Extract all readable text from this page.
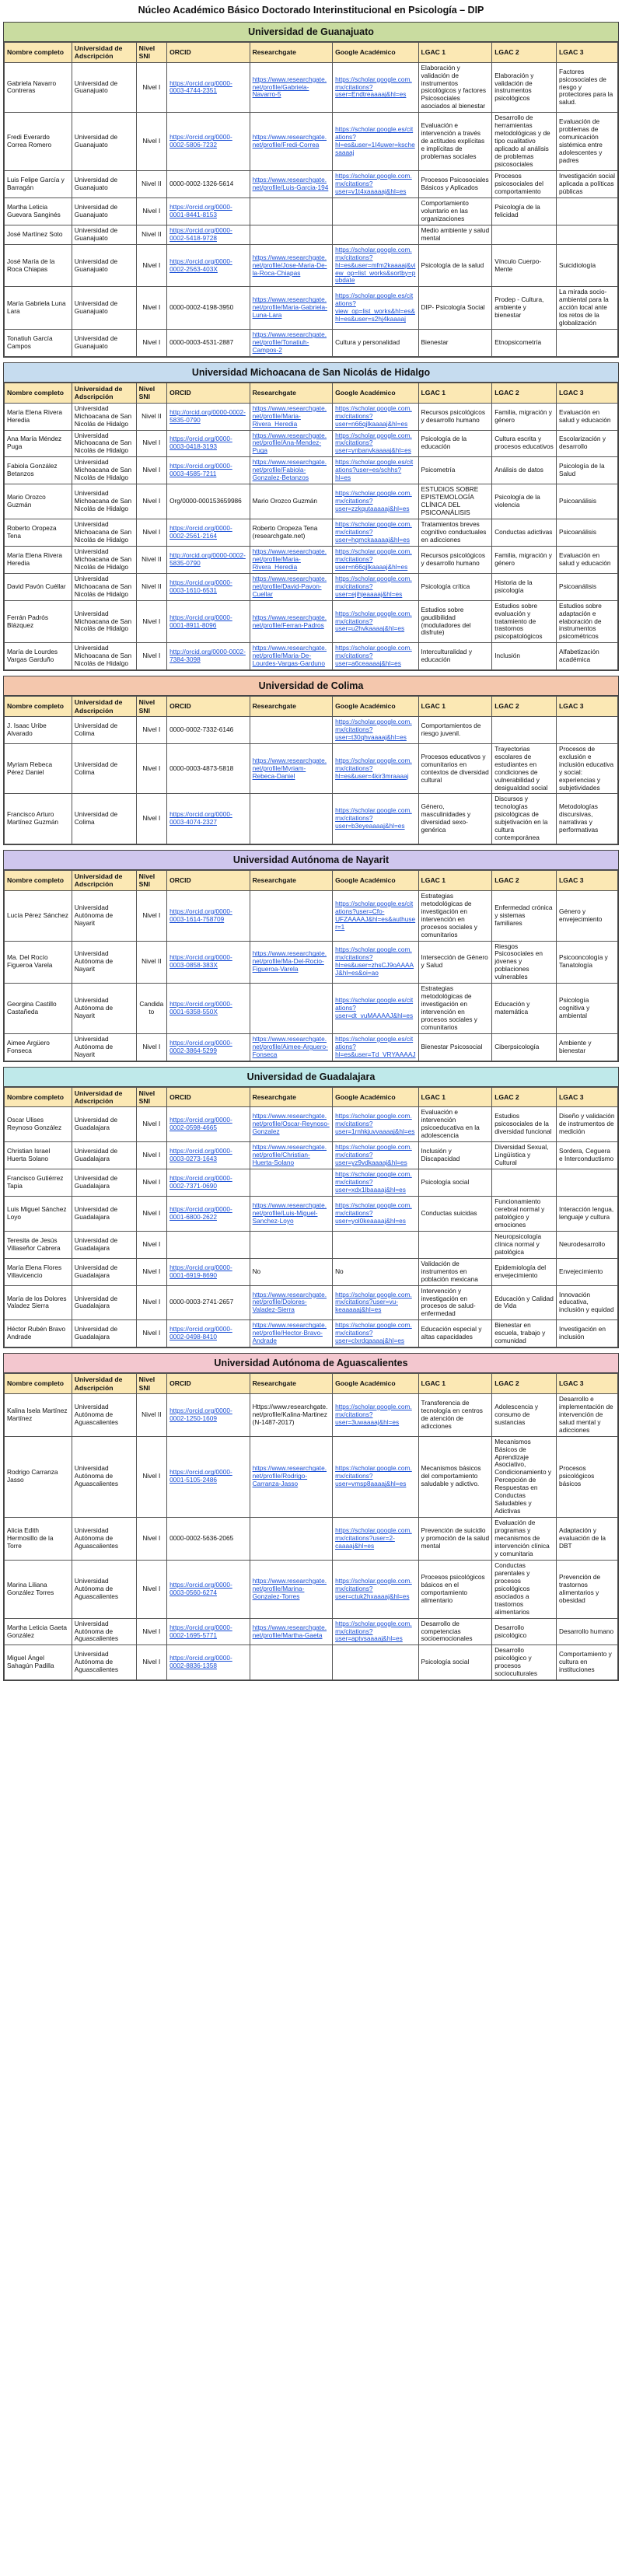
Núcleo Académico Básico Doctorado Interinstitucional en Psicología – DIP
Universidad de Guanajuato
Nombre completo	Universidad de Adscripción	Nivel SNI	ORCID	Researchgate	Google Académico	LGAC 1	LGAC 2	LGAC 3
Gabriela Navarro Contreras	Universidad de Guanajuato	Nivel I	https://orcid.org/0000-0003-4744-2351	https://www.researchgate.net/profile/Gabriela-Navarro-5	https://scholar.google.com.mx/citations?user=Endtreaaaaj&hl=es	Elaboración y validación de instrumentos psicológicos y factores Psicosociales asociados al bienestar	Elaboración y validación de instrumentos psicológicos	Factores psicosociales de riesgo y protectores para la salud.
Fredi Everardo Correa Romero	Universidad de Guanajuato	Nivel I	https://orcid.org/0000-0002-5806-7232	https://www.researchgate.net/profile/Fredi-Correa	https://scholar.google.es/citations?hl=es&user=1I4uwer=kschesaaaaj	Evaluación e intervención a través de actitudes explícitas e implícitas de problemas sociales	Desarrollo de herramientas metodológicas y de tipo cualitativo aplicado al análisis de problemas psicosociales	Evaluación de problemas de comunicación sistémica entre adolescentes y padres
Luis Felipe García y Barragán	Universidad de Guanajuato	Nivel II	0000-0002-1326-5614	https://www.researchgate.net/profile/Luis-Garcia-194	https://scholar.google.com.mx/citations?user=v1t4xaaaaaj&hl=es	Procesos Psicosociales Básicos y Aplicados	Procesos psicosociales del comportamiento	Investigación social aplicada a políticas públicas
Martha Leticia Guevara Sanginés	Universidad de Guanajuato	Nivel I	https://orcid.org/0000-0001-8441-8153			Comportamiento voluntario en las organizaciones	Psicología de la felicidad	
José Martínez Soto	Universidad de Guanajuato	Nivel II	https://orcid.org/0000-0002-5418-9728			Medio ambiente y salud mental		
José María de la Roca Chiapas	Universidad de Guanajuato	Nivel I	https://orcid.org/0000-0002-2563-403X	https://www.researchgate.net/profile/Jose-Maria-De-la-Roca-Chiapas	https://scholar.google.com.mx/citations?hl=es&user=mfm2kaaaaj&view_op=list_works&sortby=pubdate	Psicología de la salud	Vínculo Cuerpo-Mente	Suicidiología
María Gabriela Luna Lara	Universidad de Guanajuato	Nivel I	0000-0002-4198-3950	https://www.researchgate.net/profile/Maria-Gabriela-Luna-Lara	https://scholar.google.es/citations?view_op=list_works&hl=es&hl=es&user=s2hj4kaaaaj	DIP- Psicología Social	Prodep - Cultura, ambiente y bienestar	La mirada socio-ambiental para la acción local ante los retos de la globalización
Tonatiuh García Campos	Universidad de Guanajuato	Nivel I	0000-0003-4531-2887	https://www.researchgate.net/profile/Tonatiuh-Campos-2	Cultura y personalidad	Bienestar	Etnopsicometría	
Universidad Michoacana de San Nicolás de Hidalgo
Nombre completo	Universidad de Adscripción	Nivel SNI	ORCID	Researchgate	Google Académico	LGAC 1	LGAC 2	LGAC 3
María Elena Rivera Heredia	Universidad Michoacana de San Nicolás de Hidalgo	Nivel II	http://orcid.org/0000-0002-5835-0790	https://www.researchgate.net/profile/Maria-Rivera_Heredia	https://scholar.google.com.mx/citations?user=n66qjlkaaaaj&hl=es	Recursos psicológicos y desarrollo humano	Familia, migración y género	Evaluación en salud y educación
Ana María Méndez Puga	Universidad Michoacana de San Nicolás de Hidalgo	Nivel I	https://orcid.org/0000-0003-0418-3193	https://www.researchgate.net/profile/Ana-Mendez-Puga	https://scholar.google.com.mx/citations?user=ynbanvkaaaaj&hl=es	Psicología de la educación	Cultura escrita y procesos educativos	Escolarización y desarrollo
Fabiola González Betanzos	Universidad Michoacana de San Nicolás de Hidalgo	Nivel I	https://orcid.org/0000-0003-4585-7211	https://www.researchgate.net/profile/Fabiola-Gonzalez-Betanzos	https://scholar.google.es/citations?user=es/schhs?hl=es	Psicometría	Análisis de datos	Psicología de la Salud
Mario Orozco Guzmán	Universidad Michoacana de San Nicolás de Hidalgo	Nivel I	Org/0000-000153659986	Mario Orozco Guzmán	https://scholar.google.com.mx/citations?user=zzkqutaaaaaj&hl=es	ESTUDIOS SOBRE EPISTEMOLOGÍA CLÍNICA DEL PSICOANÁLISIS	Psicología de la violencia	Psicoanálisis
Roberto Oropeza Tena	Universidad Michoacana de San Nicolás de Hidalgo	Nivel I	https://orcid.org/0000-0002-2561-2164	Roberto Oropeza Tena (researchgate.net)	https://scholar.google.com.mx/citations?user=hqmckaaaaaj&hl=es	Tratamientos breves cognitivo conductuales en adicciones	Conductas adictivas	Psicoanálisis
María Elena Rivera Heredia	Universidad Michoacana de San Nicolás de Hidalgo	Nivel II	http://orcid.org/0000-0002-5835-0790	https://www.researchgate.net/profile/Maria-Rivera_Heredia	https://scholar.google.com.mx/citations?user=n66qjlkaaaaj&hl=es	Recursos psicológicos y desarrollo humano	Familia, migración y género	Evaluación en salud y educación
David Pavón Cuéllar	Universidad Michoacana de San Nicolás de Hidalgo	Nivel II	https://orcid.org/0000-0003-1610-6531	https://www.researchgate.net/profile/David-Pavon-Cuellar	https://scholar.google.com.mx/citations?user=ejihjeaaaaj&hl=es	Psicología crítica	Historia de la psicología	Psicoanálisis
Ferrán Padrós Blázquez	Universidad Michoacana de San Nicolás de Hidalgo	Nivel I	https://orcid.org/0000-0001-8911-8096	https://www.researchgate.net/profile/Ferran-Padros	https://scholar.google.com.mx/citations?user=u2hvkaaaaj&hl=es	Estudios sobre gaudibilidad (moduladores del disfrute)	Estudios sobre evaluación y tratamiento de trastornos psicopatológicos	Estudios sobre adaptación e elaboración de instrumentos psicométricos
María de Lourdes Vargas Garduño	Universidad Michoacana de San Nicolás de Hidalgo	Nivel I	http://orcid.org/0000-0002-7384-3098	https://www.researchgate.net/profile/Maria-De-Lourdes-Vargas-Garduno	https://scholar.google.com.mx/citations?user=a6ceaaaaj&hl=es	Interculturalidad y educación	Inclusión	Alfabetización académica
Universidad de Colima
Nombre completo	Universidad de Adscripción	Nivel SNI	ORCID	Researchgate	Google Académico	LGAC 1	LGAC 2	LGAC 3
J. Isaac Uribe Alvarado	Universidad de Colima	Nivel I	0000-0002-7332-6146		https://scholar.google.com.mx/citations?user=t30qhvaaaaj&hl=es	Comportamientos de riesgo juvenil.		
Myriam Rebeca Pérez Daniel	Universidad de Colima	Nivel I	0000-0003-4873-5818	https://www.researchgate.net/profile/Myriam-Rebeca-Daniel	https://scholar.google.com.mx/citations?hl=es&user=4kir3mraaaaj	Procesos educativos y comunitarios en contextos de diversidad cultural	Trayectorias escolares de estudiantes en condiciones de vulnerabilidad y desigualdad social	Procesos de exclusión e inclusión educativa y social: experiencias y subjetividades
Francisco Arturo Martínez Guzmán	Universidad de Colima	Nivel I	https://orcid.org/0000-0003-4074-2327		https://scholar.google.com.mx/citations?user=b3eyeaaaaj&hl=es	Género, masculinidades y diversidad sexo-genérica	Discursos y tecnologías psicológicas de subjetivación en la cultura contemporánea	Metodologías discursivas, narrativas y performativas
Universidad Autónoma de Nayarit
Nombre completo	Universidad de Adscripción	Nivel SNI	ORCID	Researchgate	Google Académico	LGAC 1	LGAC 2	LGAC 3
Lucía Pérez Sánchez	Universidad Autónoma de Nayarit	Nivel I	https://orcid.org/0000-0003-1614-758709		https://scholar.google.es/citations?user=Cfo-UFZAAAAJ&hl=es&authuser=1	Estrategias metodológicas de investigación en intervención en procesos sociales y comunitarios	Enfermedad crónica y sistemas familiares	Género y envejecimiento
Ma. Del Rocío Figueroa Varela	Universidad Autónoma de Nayarit	Nivel II	https://orcid.org/0000-0003-0858-383X	https://www.researchgate.net/profile/Ma-Del-Rocio-Figueroa-Varela	https://scholar.google.com.mx/citations?hl=es&user=zhsCJ9oAAAAJ&hl=es&oi=ao	Intersección de Género y Salud	Riesgos Psicosociales en jóvenes y poblaciones vulnerables	Psicooncología y Tanatología
Georgina Castillo Castañeda	Universidad Autónoma de Nayarit	Candidato	https://orcid.org/0000-0001-6358-550X		https://scholar.google.es/citations?user=dt_vuMAAAAJ&hl=es	Estrategias metodológicas de investigación en intervención en procesos sociales y comunitarios	Educación y matemática	Psicología cognitiva y ambiental
Aimee Argüero Fonseca	Universidad Autónoma de Nayarit	Nivel I	https://orcid.org/0000-0002-3864-5299	https://www.researchgate.net/profile/Aimee-Arguero-Fonseca	https://scholar.google.es/citations?hl=es&user=Td_VRYAAAAJ	Bienestar Psicosocial	Ciberpsicología	Ambiente y bienestar
Universidad de Guadalajara
Nombre completo	Universidad de Adscripción	Nivel SNI	ORCID	Researchgate	Google Académico	LGAC 1	LGAC 2	LGAC 3
Oscar Ulises Reynoso González	Universidad de Guadalajara	Nivel I	https://orcid.org/0000-0002-0598-4665	https://www.researchgate.net/profile/Oscar-Reynoso-Gonzalez	https://scholar.google.com.mx/citations?user=1rnhkjuvvaaaaj&hl=es	Evaluación e intervención psicoeducativa en la adolescencia	Estudios psicosociales de la diversidad funcional	Diseño y validación de instrumentos de medición
Christian Israel Huerta Solano	Universidad de Guadalajara	Nivel I	https://orcid.org/0000-0003-0273-1643	https://www.researchgate.net/profile/Christian-Huerta-Solano	https://scholar.google.com.mx/citations?user=yz9vdkaaaaj&hl=es	Inclusión y Discapacidad	Diversidad Sexual, Lingüística y Cultural	Sordera, Ceguera e Interconductismo
Francisco Gutiérrez Tapia	Universidad de Guadalajara	Nivel I	https://orcid.org/0000-0002-7371-0690		https://scholar.google.com.mx/citations?user=xdx1lbaaaaj&hl=es	Psicología social		
Luis Miguel Sánchez Loyo	Universidad de Guadalajara	Nivel I	https://orcid.org/0000-0001-6800-2622	https://www.researchgate.net/profile/Luis-Miguel-Sanchez-Loyo	https://scholar.google.com.mx/citations?user=yol0keaaaaj&hl=es	Conductas suicidas	Funcionamiento cerebral normal y patológico y emociones	Interacción lengua, lenguaje y cultura
Teresita de Jesús Villaseñor Cabrera	Universidad de Guadalajara	Nivel I					Neuropsicología clínica normal y patológica	Neurodesarrollo
María Elena Flores Villavicencio	Universidad de Guadalajara	Nivel I	https://orcid.org/0000-0001-6919-8690	No	No	Validación de instrumentos en población mexicana	Epidemiología del envejecimiento	Envejecimiento
María de los Dolores Valadez Sierra	Universidad de Guadalajara	Nivel I	0000-0003-2741-2657	https://www.researchgate.net/profile/Dolores-Valadez-Sierra	https://scholar.google.com.mx/citations?user=vu-keaaaaaj&hl=es	Intervención y investigación en procesos de salud-enfermedad	Educación y Calidad de Vida	Innovación educativa, inclusión y equidad
Héctor Rubén Bravo Andrade	Universidad de Guadalajara	Nivel I	https://orcid.org/0000-0002-0498-8410	https://www.researchgate.net/profile/Hector-Bravo-Andrade	https://scholar.google.com.mx/citations?user=clxrdqaaaaj&hl=es	Educación especial y altas capacidades	Bienestar en escuela, trabajo y comunidad	Investigación en inclusión
Universidad Autónoma de Aguascalientes
Nombre completo	Universidad de Adscripción	Nivel SNI	ORCID	Researchgate	Google Académico	LGAC 1	LGAC 2	LGAC 3
Kalina Isela Martínez Martínez	Universidad Autónoma de Aguascalientes	Nivel II	https://orcid.org/0000-0002-1250-1609	Https://www.researchgate.net/profile/Kalina-Martinez (N-1487-2017)	https://scholar.google.com.mx/citations?user=3uwaaaaj&hl=es	Transferencia de tecnología en centros de atención de adicciones	Adolescencia y consumo de sustancias	Desarrollo e implementación de intervención de salud mental y adicciones
Rodrigo Carranza Jasso	Universidad Autónoma de Aguascalientes	Nivel I	https://orcid.org/0000-0001-5105-2486	https://www.researchgate.net/profile/Rodrigo-Carranza-Jasso	https://scholar.google.com.mx/citations?user=vmsp8aaaaj&hl=es	Mecanismos básicos del comportamiento saludable y adictivo.	Mecanismos Básicos de Aprendizaje Asociativo, Condicionamiento y Percepción de Respuestas en Conductas Saludables y Adictivas	Procesos psicológicos básicos
Alicia Edith Hermosillo de la Torre	Universidad Autónoma de Aguascalientes	Nivel I	0000-0002-5636-2065		https://scholar.google.com.mx/citations?user=2-caaaaj&hl=es	Prevención de suicidio y promoción de la salud mental	Evaluación de programas y mecanismos de intervención clínica y comunitaria	Adaptación y evaluación de la DBT
Marina Liliana González Torres	Universidad Autónoma de Aguascalientes	Nivel I	https://orcid.org/0000-0003-0560-6274	https://www.researchgate.net/profile/Marina-Gonzalez-Torres	https://scholar.google.com.mx/citations?user=ctuk2hxaaaaj&hl=es	Procesos psicológicos básicos en el comportamiento alimentario	Conductas parentales y procesos psicológicos asociados a trastornos alimentarios	Prevención de trastornos alimentarios y obesidad
Martha Leticia Gaeta González	Universidad Autónoma de Aguascalientes	Nivel I	https://orcid.org/0000-0002-1695-5771	https://www.researchgate.net/profile/Martha-Gaeta	https://scholar.google.com.mx/citations?user=aptvsaaaaj&hl=es	Desarrollo de competencias socioemocionales	Desarrollo psicológico	Desarrollo humano
Miguel Ángel Sahagún Padilla	Universidad Autónoma de Aguascalientes	Nivel I	https://orcid.org/0000-0002-8836-1358			Psicología social	Desarrollo psicológico y procesos socioculturales	Comportamiento y cultura en instituciones
